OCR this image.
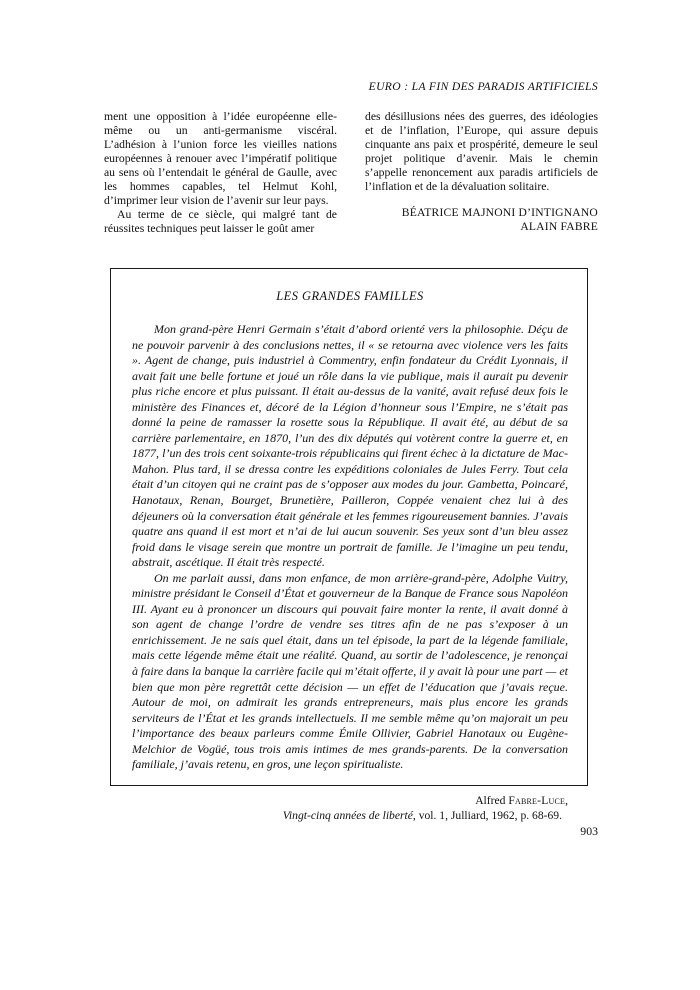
EURO : LA FIN DES PARADIS ARTIFICIELS

ment une opposition à l’idée européenne elle-même ou un anti-germanisme viscéral. L’adhésion à l’union force les vieilles nations européennes à renouer avec l’impératif politique au sens où l’entendait le général de Gaulle, avec les hommes capables, tel Helmut Kohl, d’imprimer leur vision de l’avenir sur leur pays.

Au terme de ce siècle, qui malgré tant de réussites techniques peut laisser le goût amer

des désillusions nées des guerres, des idéologies et de l’inflation, l’Europe, qui assure depuis cinquante ans paix et prospérité, demeure le seul projet politique d’avenir. Mais le chemin s’appelle renoncement aux paradis artificiels de l’inflation et de la dévaluation solitaire.

BÉATRICE MAJNONI D’INTIGNANO
ALAIN FABRE
LES GRANDES FAMILLES

Mon grand-père Henri Germain s’était d’abord orienté vers la philosophie. Déçu de ne pouvoir parvenir à des conclusions nettes, il « se retourna avec violence vers les faits ». Agent de change, puis industriel à Commentry, enfin fondateur du Crédit Lyonnais, il avait fait une belle fortune et joué un rôle dans la vie publique, mais il aurait pu devenir plus riche encore et plus puissant. Il était au-dessus de la vanité, avait refusé deux fois le ministère des Finances et, décoré de la Légion d’honneur sous l’Empire, ne s’était pas donné la peine de ramasser la rosette sous la République. Il avait été, au début de sa carrière parlementaire, en 1870, l’un des dix députés qui votèrent contre la guerre et, en 1877, l’un des trois cent soixante-trois républicains qui firent échec à la dictature de Mac-Mahon. Plus tard, il se dressa contre les expéditions coloniales de Jules Ferry. Tout cela était d’un citoyen qui ne craint pas de s’opposer aux modes du jour. Gambetta, Poincaré, Hanotaux, Renan, Bourget, Brunetière, Pailleron, Coppée venaient chez lui à des déjeuners où la conversation était générale et les femmes rigoureusement bannies. J’avais quatre ans quand il est mort et n’ai de lui aucun souvenir. Ses yeux sont d’un bleu assez froid dans le visage serein que montre un portrait de famille. Je l’imagine un peu tendu, abstrait, ascétique. Il était très respecté.

On me parlait aussi, dans mon enfance, de mon arrière-grand-père, Adolphe Vuitry, ministre présidant le Conseil d’État et gouverneur de la Banque de France sous Napoléon III. Ayant eu à prononcer un discours qui pouvait faire monter la rente, il avait donné à son agent de change l’ordre de vendre ses titres afin de ne pas s’exposer à un enrichissement. Je ne sais quel était, dans un tel épisode, la part de la légende familiale, mais cette légende même était une réalité. Quand, au sortir de l’adolescence, je renonçai à faire dans la banque la carrière facile qui m’était offerte, il y avait là pour une part — et bien que mon père regrettât cette décision — un effet de l’éducation que j’avais reçue. Autour de moi, on admirait les grands entrepreneurs, mais plus encore les grands serviteurs de l’État et les grands intellectuels. Il me semble même qu’on majorait un peu l’importance des beaux parleurs comme Émile Ollivier, Gabriel Hanotaux ou Eugène-Melchior de Vogüé, tous trois amis intimes de mes grands-parents. De la conversation familiale, j’avais retenu, en gros, une leçon spiritualiste.

Alfred Fabre-Luce,
Vingt-cinq années de liberté, vol. 1, Julliard, 1962, p. 68-69.
903
